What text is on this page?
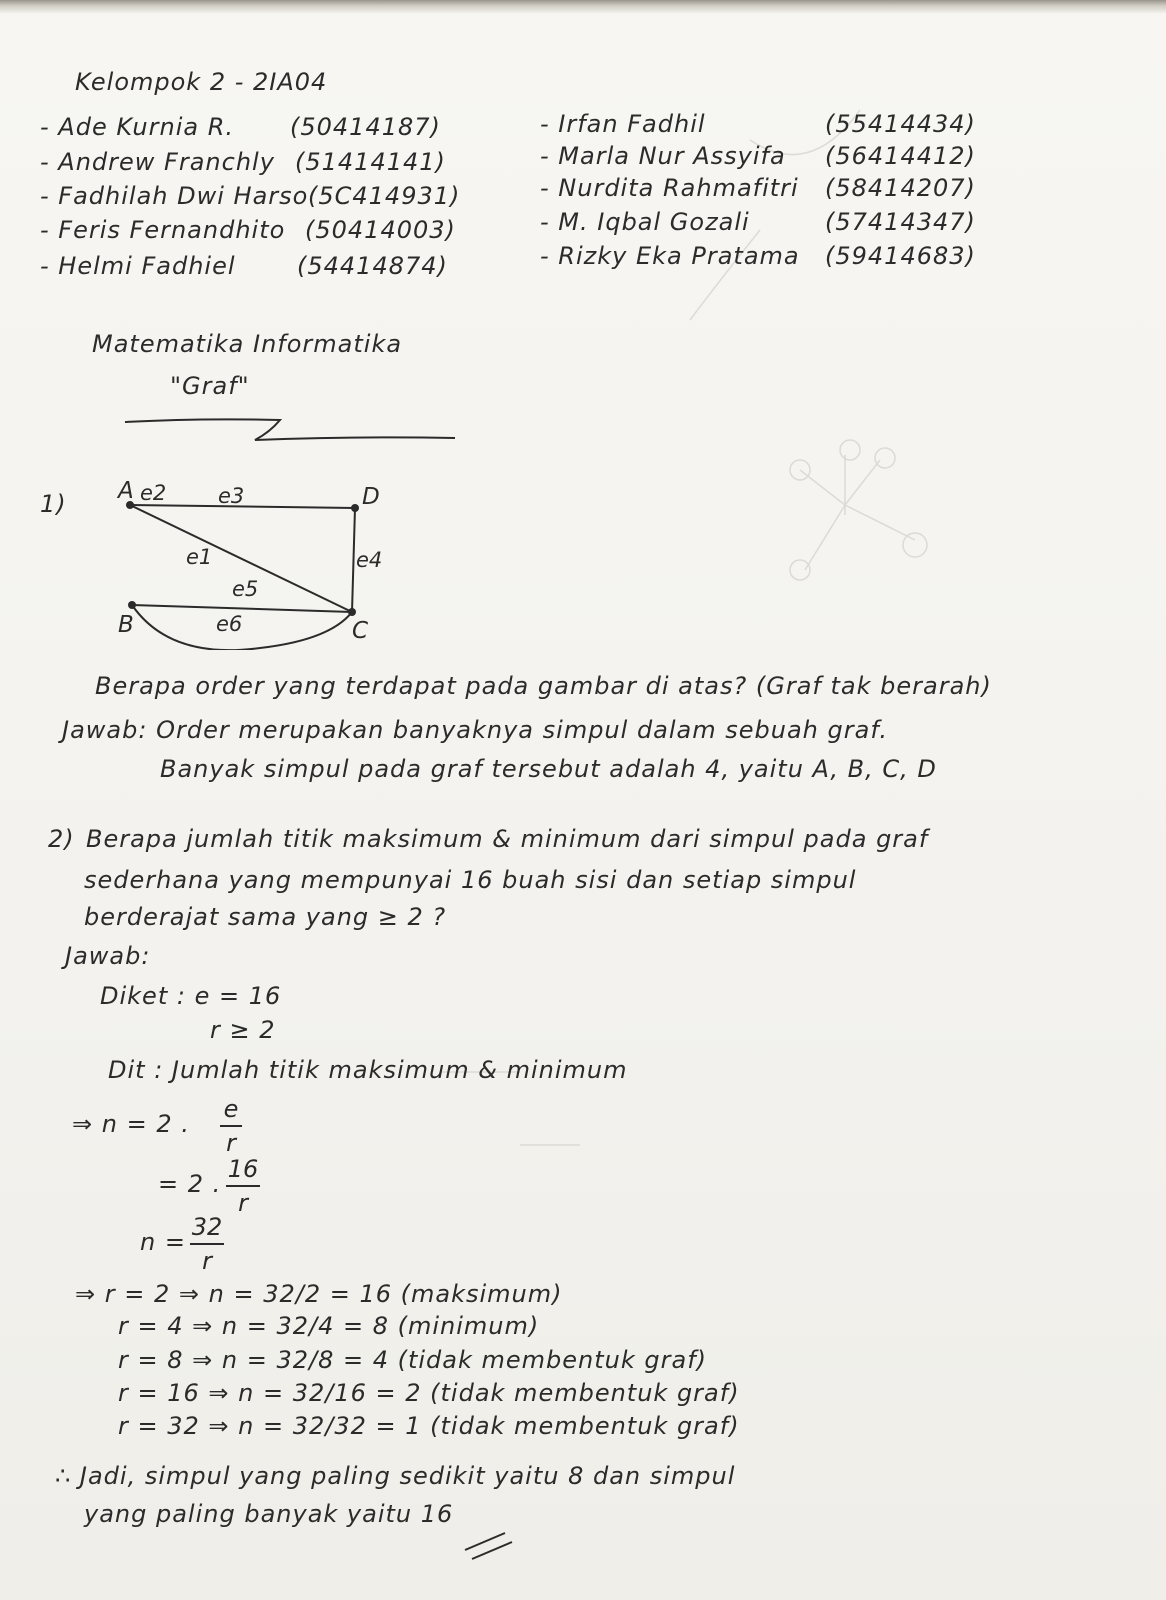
Kelompok 2 - 2IA04
- Ade Kurnia R. (50414187)
- Andrew Franchly (51414141)
- Fadhilah Dwi Harso (5C414931)
- Feris Fernandhito (50414003)
- Helmi Fadhiel	(54414874)
- Irfan Fadhil	(55414434)
- Marla Nur Assyifa (56414412)
- Nurdita Rahmafitri (58414207)
- M. Iqbal Gozali	(57414347)
- Rizky Eka Pratama (59414683)
Matematika Informatika
"Graf"
1) A e2 e3	D
e1	e4
e5
B	e6	C
Berapa order yang terdapat pada gambar di atas? (Graf tak berarah)
Jawab: Order merupakan banyaknya simpul dalam sebuah graf.
Banyak simpul pada graf tersebut adalah 4, yaitu A, B, C, D
2) Berapa jumlah titik maksimum & minimum dari simpul pada graf
sederhana yang mempunyai 16 buah sisi dan setiap simpul
berderajat sama yang ≥ 2 ?
Jawab:
Diket : e = 16
r ≥ 2
Dit : Jumlah titik maksimum & minimum
⇒ n = 2 .
e
r
= 2 .
16
r
n =
32
r
⇒ r = 2 ⇒ n = 32/2 = 16 (maksimum)
r = 4 ⇒ n = 32/4 = 8 (minimum)
r = 8 ⇒ n = 32/8 = 4 (tidak membentuk graf)
r = 16 ⇒ n = 32/16 = 2 (tidak membentuk graf)
r = 32 ⇒ n = 32/32 = 1 (tidak membentuk graf)
∴ Jadi, simpul yang paling sedikit yaitu 8 dan simpul
yang paling banyak yaitu 16
